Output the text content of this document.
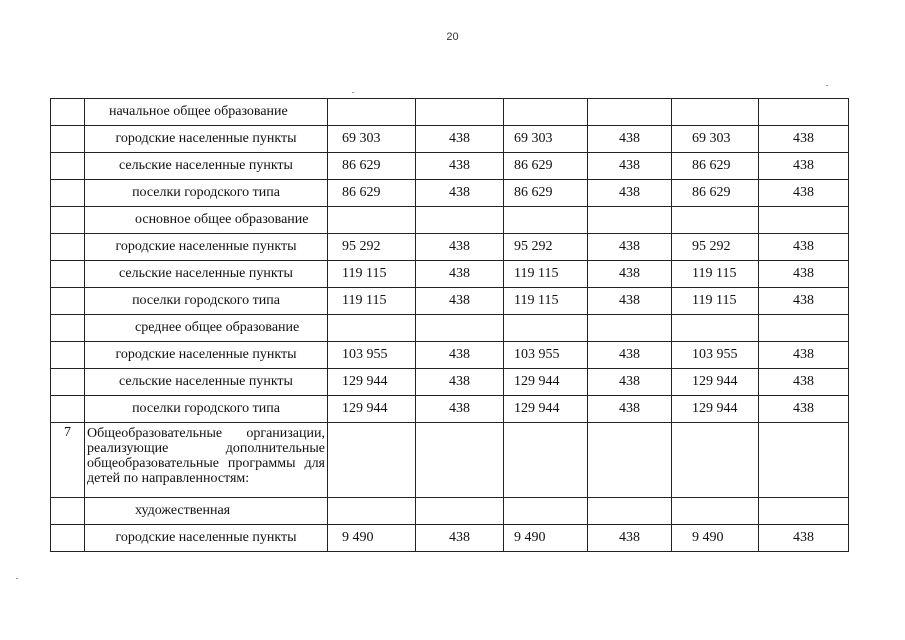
20
	начальное общее образование						
	городские населенные пункты	69 303	438	69 303	438	69 303	438
	сельские населенные пункты	86 629	438	86 629	438	86 629	438
	поселки городского типа	86 629	438	86 629	438	86 629	438
	основное общее образование						
	городские населенные пункты	95 292	438	95 292	438	95 292	438
	сельские населенные пункты	119 115	438	119 115	438	119 115	438
	поселки городского типа	119 115	438	119 115	438	119 115	438
	среднее общее образование						
	городские населенные пункты	103 955	438	103 955	438	103 955	438
	сельские населенные пункты	129 944	438	129 944	438	129 944	438
	поселки городского типа	129 944	438	129 944	438	129 944	438
7	Общеобразовательные организации, реализующие дополнительные общеобразовательные программы для детей по направленностям:						
	художественная						
	городские населенные пункты	9 490	438	9 490	438	9 490	438
